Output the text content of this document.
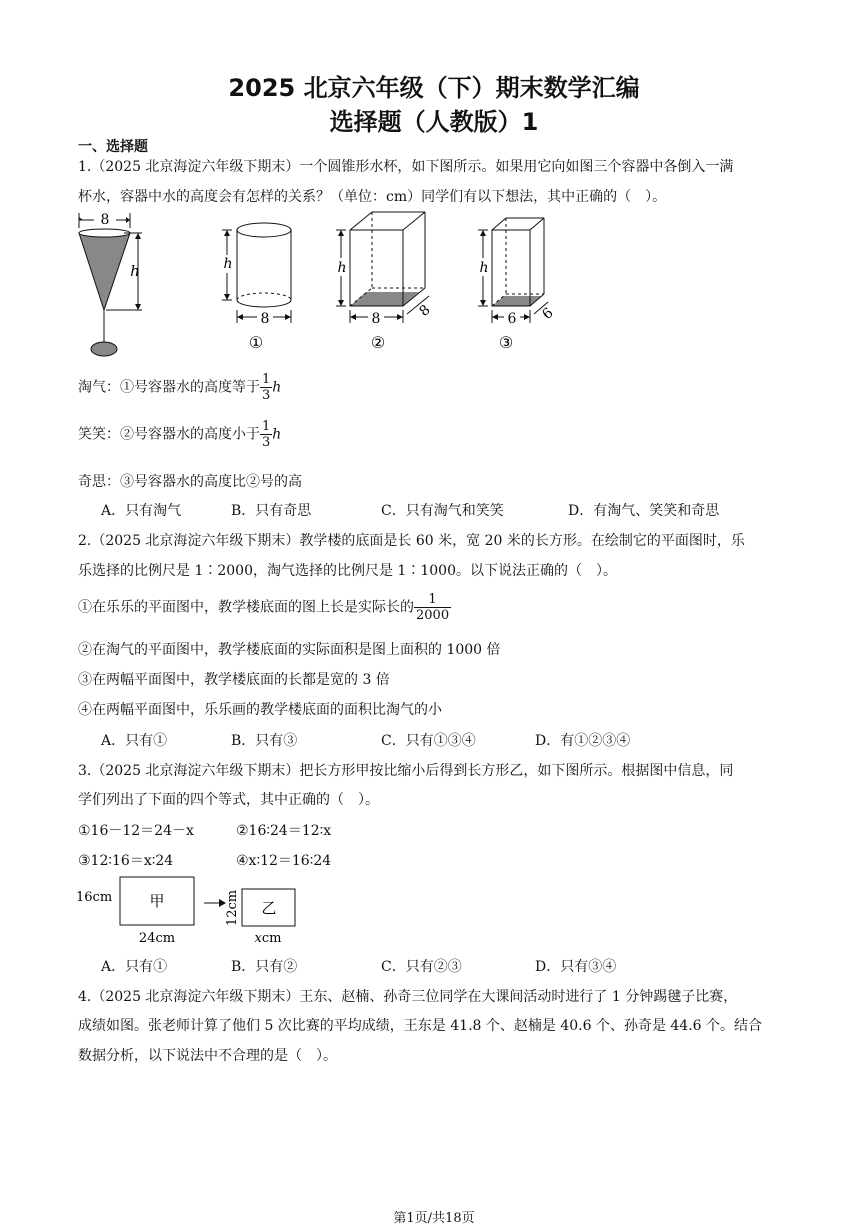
2025 北京六年级（下）期末数学汇编
选择题（人教版）1
一、选择题
1.（2025 北京海淀六年级下期末）一个圆锥形水杯，如下图所示。如果用它向如图三个容器中各倒入一满
杯水，容器中水的高度会有怎样的关系？（单位：cm）同学们有以下想法，其中正确的（　）。
8
h	h
8
①
h
8	8
②
h
6 6
③
淘气：①号容器水的高度等于 $\frac{1}{3}$ h
笑笑：②号容器水的高度小于 $\frac{1}{3}$ h
奇思：③号容器水的高度比②号的高
A．只有淘气	B．只有奇思	C．只有淘气和笑笑	D．有淘气、笑笑和奇思
2.（2025 北京海淀六年级下期末）教学楼的底面是长 60 米，宽 20 米的长方形。在绘制它的平面图时，乐
乐选择的比例尺是 1∶2000，淘气选择的比例尺是 1∶1000。以下说法正确的（　）。
①在乐乐的平面图中，教学楼底面的图上长是实际长的 $\frac{1}{2000}$
②在淘气的平面图中，教学楼底面的实际面积是图上面积的 1000 倍
③在两幅平面图中，教学楼底面的长都是宽的 3 倍
④在两幅平面图中，乐乐画的教学楼底面的面积比淘气的小
A．只有①	B．只有③	C．只有①③④	D．有①②③④
3.（2025 北京海淀六年级下期末）把长方形甲按比缩小后得到长方形乙，如下图所示。根据图中信息，同
学们列出了下面的四个等式，其中正确的（　）。
①16－12＝24－x	②16∶24＝12∶x
③12∶16＝x∶24	④x∶12＝16∶24
16cm 甲
24cm
12cm 乙
xcm
A．只有①	B．只有②	C．只有②③	D．只有③④
4.（2025 北京海淀六年级下期末）王东、赵楠、孙奇三位同学在大课间活动时进行了 1 分钟踢毽子比赛，
成绩如图。张老师计算了他们 5 次比赛的平均成绩，王东是 41.8 个、赵楠是 40.6 个、孙奇是 44.6 个。结合
数据分析，以下说法中不合理的是（　）。
第1页/共18页
